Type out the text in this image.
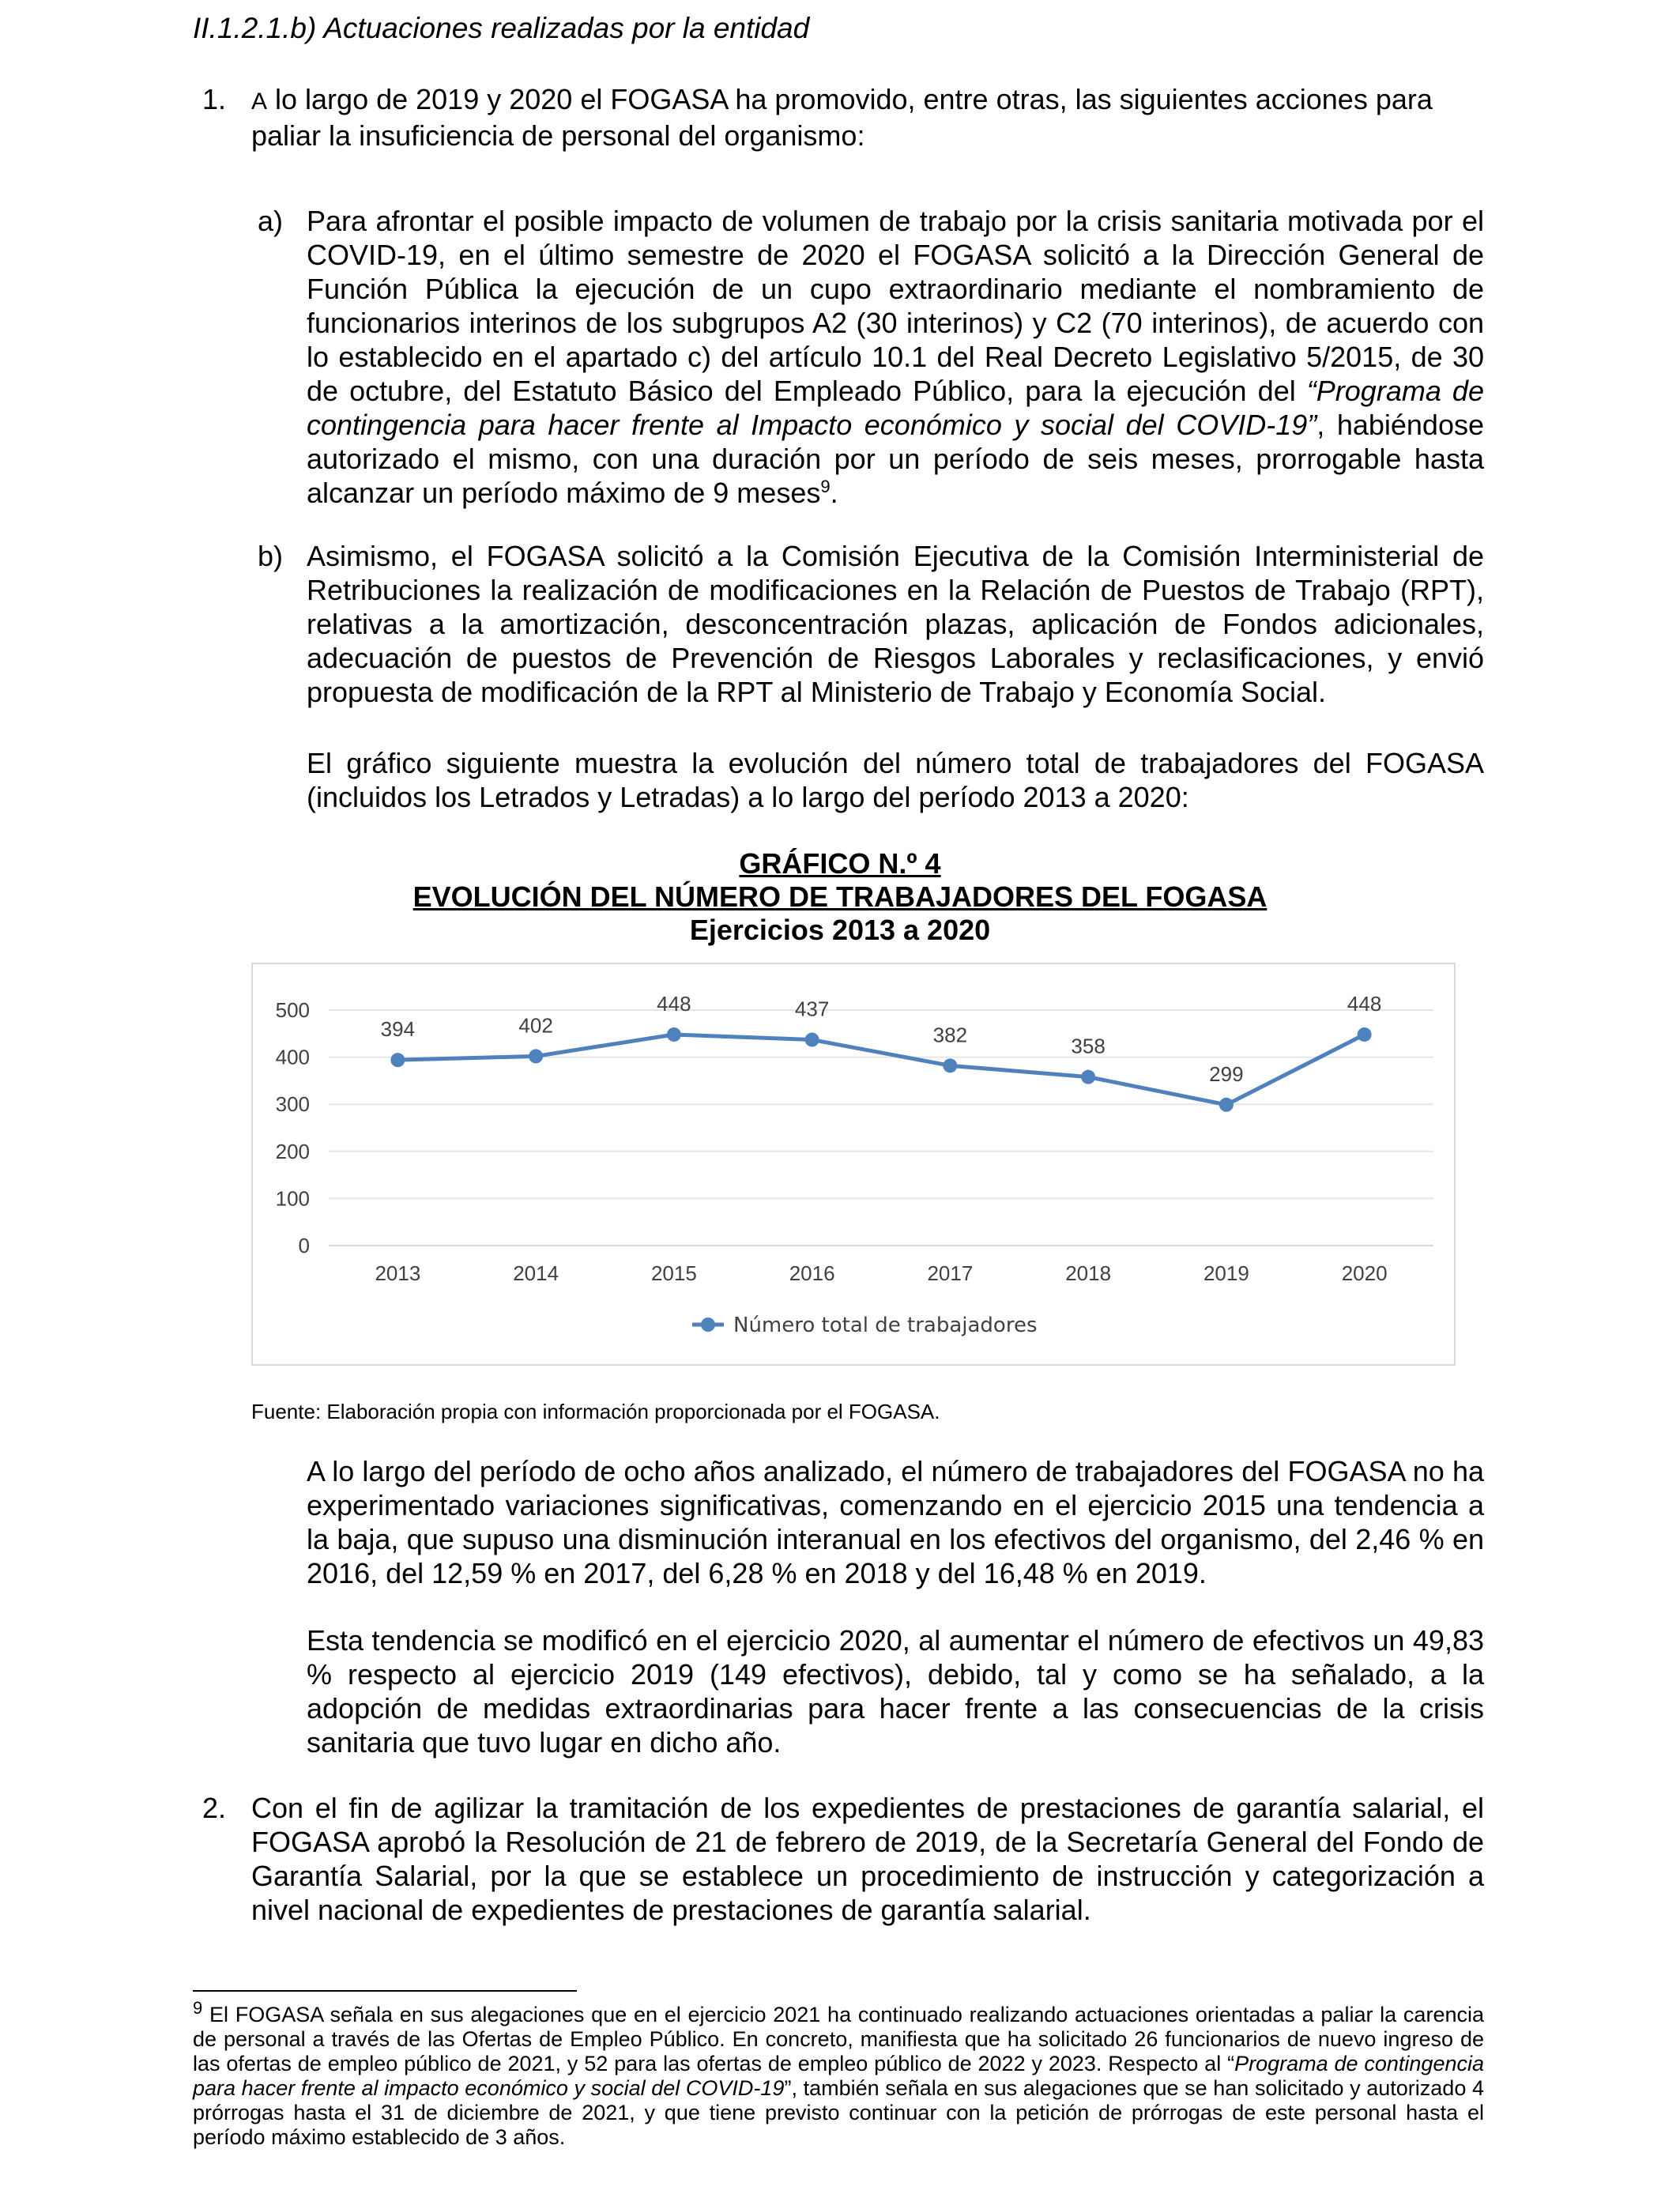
II.1.2.1.b) Actuaciones realizadas por la entidad
1. A lo largo de 2019 y 2020 el FOGASA ha promovido, entre otras, las siguientes acciones para paliar la insuficiencia de personal del organismo:
a) Para afrontar el posible impacto de volumen de trabajo por la crisis sanitaria motivada por el COVID-19, en el último semestre de 2020 el FOGASA solicitó a la Dirección General de Función Pública la ejecución de un cupo extraordinario mediante el nombramiento de funcionarios interinos de los subgrupos A2 (30 interinos) y C2 (70 interinos), de acuerdo con lo establecido en el apartado c) del artículo 10.1 del Real Decreto Legislativo 5/2015, de 30 de octubre, del Estatuto Básico del Empleado Público, para la ejecución del “Programa de contingencia para hacer frente al Impacto económico y social del COVID-19”, habiéndose autorizado el mismo, con una duración por un período de seis meses, prorrogable hasta alcanzar un período máximo de 9 meses$^9$.
b) Asimismo, el FOGASA solicitó a la Comisión Ejecutiva de la Comisión Interministerial de Retribuciones la realización de modificaciones en la Relación de Puestos de Trabajo (RPT), relativas a la amortización, desconcentración plazas, aplicación de Fondos adicionales, adecuación de puestos de Prevención de Riesgos Laborales y reclasificaciones, y envió propuesta de modificación de la RPT al Ministerio de Trabajo y Economía Social.
El gráfico siguiente muestra la evolución del número total de trabajadores del FOGASA (incluidos los Letrados y Letradas) a lo largo del período 2013 a 2020:
GRÁFICO N.º 4
EVOLUCIÓN DEL NÚMERO DE TRABAJADORES DEL FOGASA
Ejercicios 2013 a 2020
0
100
200
300
400
500
2013	2014	2015	2016	2017	2018	2019	2020
394	402
448	437
382	358
299
448
Número total de trabajadores
Fuente: Elaboración propia con información proporcionada por el FOGASA.
A lo largo del período de ocho años analizado, el número de trabajadores del FOGASA no ha experimentado variaciones significativas, comenzando en el ejercicio 2015 una tendencia a la baja, que supuso una disminución interanual en los efectivos del organismo, del 2,46 % en 2016, del 12,59 % en 2017, del 6,28 % en 2018 y del 16,48 % en 2019.
Esta tendencia se modificó en el ejercicio 2020, al aumentar el número de efectivos un 49,83 % respecto al ejercicio 2019 (149 efectivos), debido, tal y como se ha señalado, a la adopción de medidas extraordinarias para hacer frente a las consecuencias de la crisis sanitaria que tuvo lugar en dicho año.
2. Con el fin de agilizar la tramitación de los expedientes de prestaciones de garantía salarial, el FOGASA aprobó la Resolución de 21 de febrero de 2019, de la Secretaría General del Fondo de Garantía Salarial, por la que se establece un procedimiento de instrucción y categorización a nivel nacional de expedientes de prestaciones de garantía salarial.
$^9$ El FOGASA señala en sus alegaciones que en el ejercicio 2021 ha continuado realizando actuaciones orientadas a paliar la carencia de personal a través de las Ofertas de Empleo Público. En concreto, manifiesta que ha solicitado 26 funcionarios de nuevo ingreso de las ofertas de empleo público de 2021, y 52 para las ofertas de empleo público de 2022 y 2023. Respecto al “Programa de contingencia para hacer frente al impacto económico y social del COVID-19”, también señala en sus alegaciones que se han solicitado y autorizado 4 prórrogas hasta el 31 de diciembre de 2021, y que tiene previsto continuar con la petición de prórrogas de este personal hasta el período máximo establecido de 3 años.
